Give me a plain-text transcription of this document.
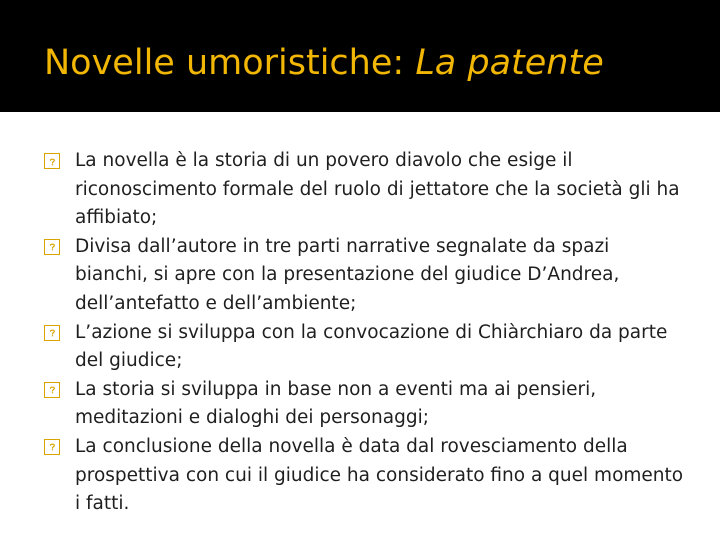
Novelle umoristiche: La patente
La novella è la storia di un povero diavolo che esige il riconoscimento formale del ruolo di jettatore che la società gli ha affibiato;
Divisa dall’autore in tre parti narrative segnalate da spazi bianchi, si apre con la presentazione del giudice D’Andrea, dell’antefatto e dell’ambiente;
L’azione si sviluppa con la convocazione di Chiàrchiaro da parte del giudice;
La storia si sviluppa in base non a eventi ma ai pensieri, meditazioni e dialoghi dei personaggi;
La conclusione della novella è data dal rovesciamento della prospettiva con cui il giudice ha considerato fino a quel momento i fatti.
